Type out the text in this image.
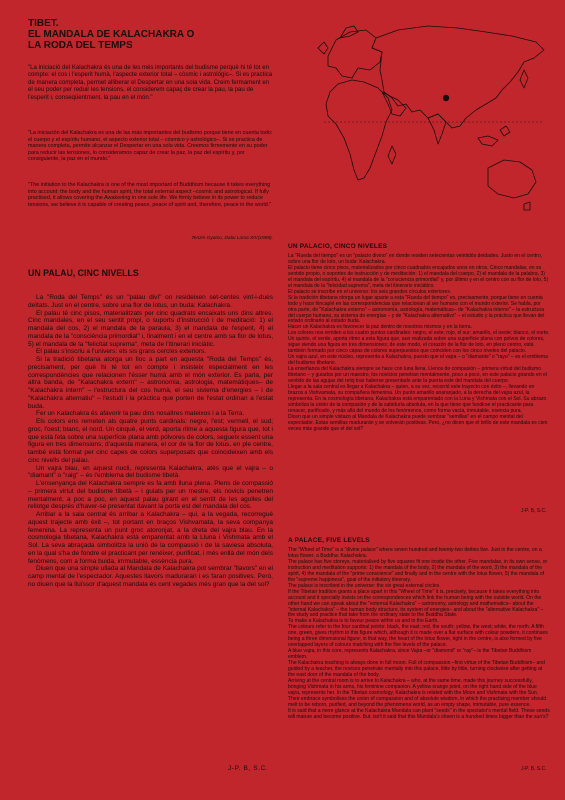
TIBET.

EL MANDALA DE KALACHAKRA O

LA RODA DEL TEMPS

"La iniciació del Kalachakra és una de les més importants del budisme perquè hi té tot en compte: el cos i l'esperit humà, l'aspecte exterior total – còsmic i astrològic–. Si es practica de manera completa, permet alliberar el Despertar en una sola vida. Creim fermament en el seu poder per reduir les tensions, el considerem capaç de crear la pau, la pau de l'esperit i, conseqüentment, la pau en el món."

"La iniciación del Kalachakra es una de las más importantes del budismo porque tiene en cuenta todo: el cuerpo y el espíritu humano, el aspecto exterior total – cósmico y astrológico–. Si se practica de manera completa, permite alcanzar el Despertar en una sola vida. Creemos firmemente en su poder para reducir las tensiones, lo consideramos capaz de crear la paz, la paz del espíritu y, por consiguiente, la paz en el mundo."

"The initiation to the Kalachakra is one of the most important of Buddhism because it takes everything into account: the body and the human spirit, the total external aspect –cosmic and astrological. If fully practised, it allows covering the Awakening in one sole life. We firmly believe in its power to reduce tensions, we believe it is capable of creating peace, peace of spirit and, therefore, peace in the world."

Tenzin Gyatso, Dalai Lama XIV(1989).
UN PALAU, CINC NIVELLS

La "Roda del Temps" és un "palau diví" on resideixen set-centes vint-i-dues deïtats. Just en el centre, sobre una flor de lotus, un buda: Kalachakra.

El palau té cinc pisos, materialitzats per cinc quadrats encaixats uns dins altres. Cinc mandales, en el seu sentit propi, o suports d'instrucció i de meditació: 1) el mandala del cos, 2) el mandala de la paraula, 3) el mandala de l'esperit, 4) el mandala de la "consciència primordial" i, finalment i en el centre amb sa flor de lotus, 5) el mandala de la "felicitat suprema", meta de l'itinerari iniciàtic.

El palau s'inscriu a l'univers: els sis grans cercles exteriors.

Si la tradició tibetana atorga un lloc a part en aquesta "Roda del Temps" és, precisament, per què hi té tot en compte i insisteix especialment en les correspondències que relacionen l'ésser humà amb el món exterior. Es parla, per altra banda, de "Kalachakra extern" – astronomia, astrologia, matemàtiques– de "Kalachakra intern" – l'estructura del cos humà, el seu sistema d'energies – i de "Kalachakra alternatiu" – l'estudi i la pràctica que porten de l'estat ordinari a l'estat buda.

Fer un Kalachakra és afavorir la pau dins nosaltres mateixos i a la Terra.

Els colors ens remeten als quatre punts cardinals: negre, l'est; vermell, el sud; groc, l'oest; blanc, el nord. Un cinquè, el verd, aporta ritme a aquesta figura que, tot i que està feta sobre una superfície plana amb pólvores de colors, segueix essent una figura en tres dimensions; d'aquesta manera, el cor de la flor de lotus, en ple centre, també està format per cinc capes de colors superposats que coincideixen amb els cinc nivells del palau.

Un vajra blau, en aquest nucli, representa Kalachakra, atès que el vajra – o "diamant" o "raig" – és l'emblema del budisme tibetà.

L'ensenyança del Kalachakra sempre es fa amb lluna plena. Plens de compassió – primera virtut del budisme tibetà – i guiats per un mestre, els novicis penetren mentalment, a poc a poc, en aquest palau girant en el sentit de les agulles del rellotge després d'haver-se presentat davant la porta est del mandala del cos.

Arribar a la sala central és arribar a Kalachakra – qui, a la vegada, recorregué aquest trajecte amb èxit –, tot portant en braços Vishvamata, la seva companya femenina. La representa un punt groc atoronjat, a la dreta del vajra blau. En la cosmologia tibetana, Kalachakra està emparentat amb la Lluna i Vishmata amb el Sol. La seva abraçada simbolitza la unió de la compassió i de la saviesa absoluta, en la qual s'ha de fondre el practicant per renéixer, purificat, i més enllà del món dels fenòmens, com a forma buida, immutable, essència pura.

Diuen que una simple ullada al Mandala de Kalachakra pot sembrar "llavors" en el camp mental de l'espectador. Aquestes llavors maduraran i es faran positives. Però, no diuen que la lluïssor d'aquest mandala és cent vegades més gran que la del sol?

J-P. B, S.C.
UN PALACIO, CINCO NIVELES

La "Rueda del tiempo" es un "palacio divino" en donde residen setecientas veintidós deidades. Justo en el centro, sobre una flor de loto, un buda: Kalachakra.

El palacio tiene cinco pisos, materializados por cinco cuadrados encajados unos en otros. Cinco mandalas, en su sentido propio, o soportes de instrucción y de meditación: 1) el mandala del cuerpo, 2) el mandala de la palabra, 3) el mandala del espíritu, 4) el mandala de la "consciencia primordial" y, por último y en el centro con su flor de loto, 5) el mandala de la "felicidad suprema", meta del itinerario iniciático.

El palacio se inscribe en el universo: los seis grandes círculos exteriores.

Si la tradición tibetana otorga un lugar aparte a esta "Rueda del tiempo" es, precisamente, porque tiene en cuenta todo y hace hincapié en las correspondencias que relacionan al ser humano con el mundo exterior. Se habla, por otra parte, de "Kalachakra externo" – astronomía, astrología, matemáticas– de "Kalachakra interno" – la estructura del cuerpo humano, su sistema de energías – y de "Kalachakra alternativo" – el estudio y la práctica que llevan del estado ordinario al estado buda.

Hacer un Kalachakra es favorecer la paz dentro de nosotros mismos y en la tierra.

Los colores nos remiten a los cuatro puntos cardinales: negro, el este; rojo, el sur; amarillo, el oeste; blanco, el norte. Un quinto, el verde, aporta ritmo a esta figura que, aun realizada sobre una superficie plana con polvos de colores, sigue siendo una figura en tres dimensiones; de este modo, el corazón de la flor de loto, en pleno centro, está también formado por cinco capas de colores superpuestos que coinciden con los cinco niveles del palacio.

Un vajra azul, en este núcleo, representa a Kalachakra, puesto que el vajra – o "diamante" o "rayo" – es el emblema del budismo tibetano.

La enseñanza del Kalachakra siempre se hace con luna llena. Llenos de compasión – primera virtud del budismo tibetano – y guiados por un maestro, los novicios penetran mentalmente, poco a poco, en este palacio girando en el sentido de las agujas del reloj tras haberse presentado ante la puerta este del mandala del cuerpo.

Llegar a la sala central es llegar a Kalachakra – quien, a su vez, recorrió este trayecto con éxito –, llevando en brazos a Vishvamata, su compañera femenina. Un punto amarillo anaranjado, a la derecha del vajra azul, la representa. En la cosmología tibetana, Kalachakra está emparentado con la Luna y Vishmata con el Sol. Su abrazo simboliza la unión de la compasión y de la sabiduría absoluta, en la que tiene que fundirse el practicante para renacer, purificado, y más allá del mundo de los fenómenos, como forma vacía, inmutable, esencia pura.

Dicen que un simple vistazo al Mandala de Kalachakra puede sembrar "semillas" en el campo mental del espectador. Estas semillas madurarán y se volverán positivas. Pero, ¿no dicen que el brillo de este mandala es cien veces más grande que el del sol?

J-P. B, S.C.
A PALACE, FIVE LEVELS

The "Wheel of Time" is a "divine palace" where seven hundred and twenty-two deities live. Just in the centre, on a lotus flower, a Buddha: Kalachakra.

The palace has five storeys, materialised by five squares fit one inside the other. Five mandalas, in its own sense, or instruction and meditation supports: 1) the mandala of the body, 2) the mandala of the word, 3) the mandala of the spirit, 4) the mandala of the "prime conscience" and finally and in the centre with the lotus flower, 5) the mandala of the "supreme happiness", goal of the initiatory itinerary.

The palace is inscribed in the universe: the six great external circles.

If the Tibetan tradition grants a place apart in this "Wheel of Time" it is, precisely, because it takes everything into account and it specially insists on the correspondences which link the human being with the outside world. On the other hand we can speak about the "external Kalachakra" – astronomy, astrology and mathematics– about the "internal Kalachakra" – the human body structure, its system of energies– and about the "alternative Kalachakra" – the study and practice that take from the ordinary state to the Buddha State.

To make a Kalachakra is to favour peace within us and in the Earth.

The colours refer to the four cardinal points: black, the east; red, the south; yellow, the west; white, the north. A fifth one, green, gives rhythm to this figure which, although it is made over a flat surface with colour powders, it continues being a three dimensional figure; in that way, the heart of the lotus flower, right in the centre, is also formed by five overlapped layers of colours matching with the five levels of the palace.

A blue vajra, in this core, represents Kalachakra, since Vajra –or "diamond" or "ray"– is the Tibetan Buddhism emblem.

The Kalachakra teaching is always done in full moon. Full of compassion –first virtue of the Tibetan Buddhism– and guided by a teacher, the novices penetrate mentally into this palace, little by little, turning clockwise after getting at the east door of the mandala of the body.

Arriving at the central room is to arrive to Kalachakra – who, at the same time, made this journey successfully, bringing Vishmata in his arms, his feminine companion. A yellow orange point, on the right hand side of the blue vajra, represents her. In the Tibetan cosmology, Kalachakra is related with the Moon and Vishmata with the Sun. Their embrace symbolises the union of compassion and of absolute wisdom, in which the practising member should melt to be reborn, purified, and beyond the phenomena world, as an empty shape, immutable, pure essence.

It is said that a mere glance at the Kalachakra Mandala can plant "seeds" in the spectator's mental field. These seeds will mature and become positive. But, isn't it said that this Mandala's sheen is a hundred times bigger than the sun's?

J-P. B, S.C.
